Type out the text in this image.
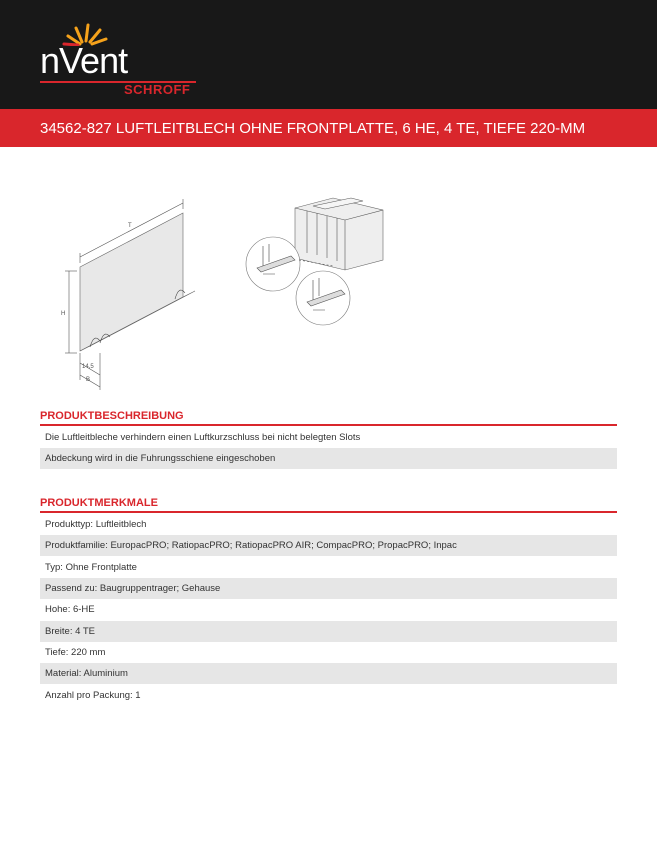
nVent
SCHROFF
34562-827 LUFTLEITBLECH OHNE FRONTPLATTE, 6 HE, 4 TE, TIEFE 220-MM
T
H
14,5
B
PRODUKTBESCHREIBUNG
Die Luftleitbleche verhindern einen Luftkurzschluss bei nicht belegten Slots
Abdeckung wird in die Fuhrungsschiene eingeschoben
PRODUKTMERKMALE
Produkttyp: Luftleitblech
Produktfamilie: EuropacPRO; RatiopacPRO; RatiopacPRO AIR; CompacPRO; PropacPRO; Inpac
Typ: Ohne Frontplatte
Passend zu: Baugruppentrager; Gehause
Hohe: 6-HE
Breite: 4 TE
Tiefe: 220 mm
Material: Aluminium
Anzahl pro Packung: 1
